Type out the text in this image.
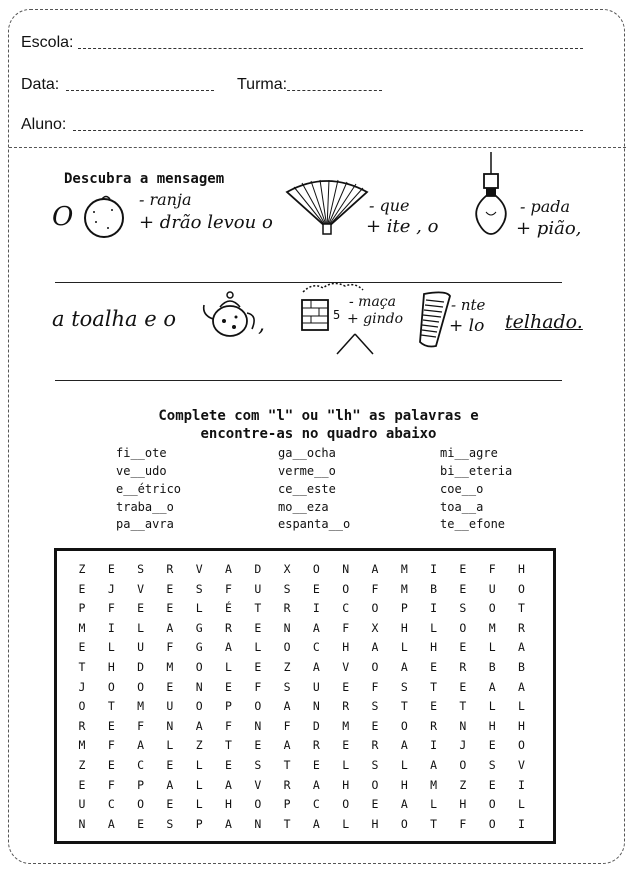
Escola:
Data:	Turma:
Aluno:
Descubra a mensagem
O
- ranja
+ drão levou o
- que
+ ite , o
- pada
+ pião,
a toalha e o	,	5
- maça
+ gindo
- nte
+ lo telhado.
Complete com "l" ou "lh" as palavras e
encontre-as no quadro abaixo
fi__ote
ve__udo
e__étrico
traba__o
pa__avra
ga__ocha
verme__o
ce__este
mo__eza
espanta__o
mi__agre
bi__eteria
coe__o
toa__a
te__efone
Z	E	S	R	V	A	D	X	O	N	A	M	I	E	F	H
E	J	V	E	S	F	U	S	E	O	F	M	B	E	U	O
P	F	E	E	L	É	T	R	I	C	O	P	I	S	O	T
M	I	L	A	G	R	E	N	A	F	X	H	L	O	M	R
E	L	U	F	G	A	L	O	C	H	A	L	H	E	L	A
T	H	D	M	O	L	E	Z	A	V	O	A	E	R	B	B
J	O	O	E	N	E	F	S	U	E	F	S	T	E	A	A
O	T	M	U	O	P	O	A	N	R	S	T	E	T	L	L
R	E	F	N	A	F	N	F	D	M	E	O	R	N	H	H
M	F	A	L	Z	T	E	A	R	E	R	A	I	J	E	O
Z	E	C	E	L	E	S	T	E	L	S	L	A	O	S	V
E	F	P	A	L	A	V	R	A	H	O	H	M	Z	E	I
U	C	O	E	L	H	O	P	C	O	E	A	L	H	O	L
N	A	E	S	P	A	N	T	A	L	H	O	T	F	O	I
